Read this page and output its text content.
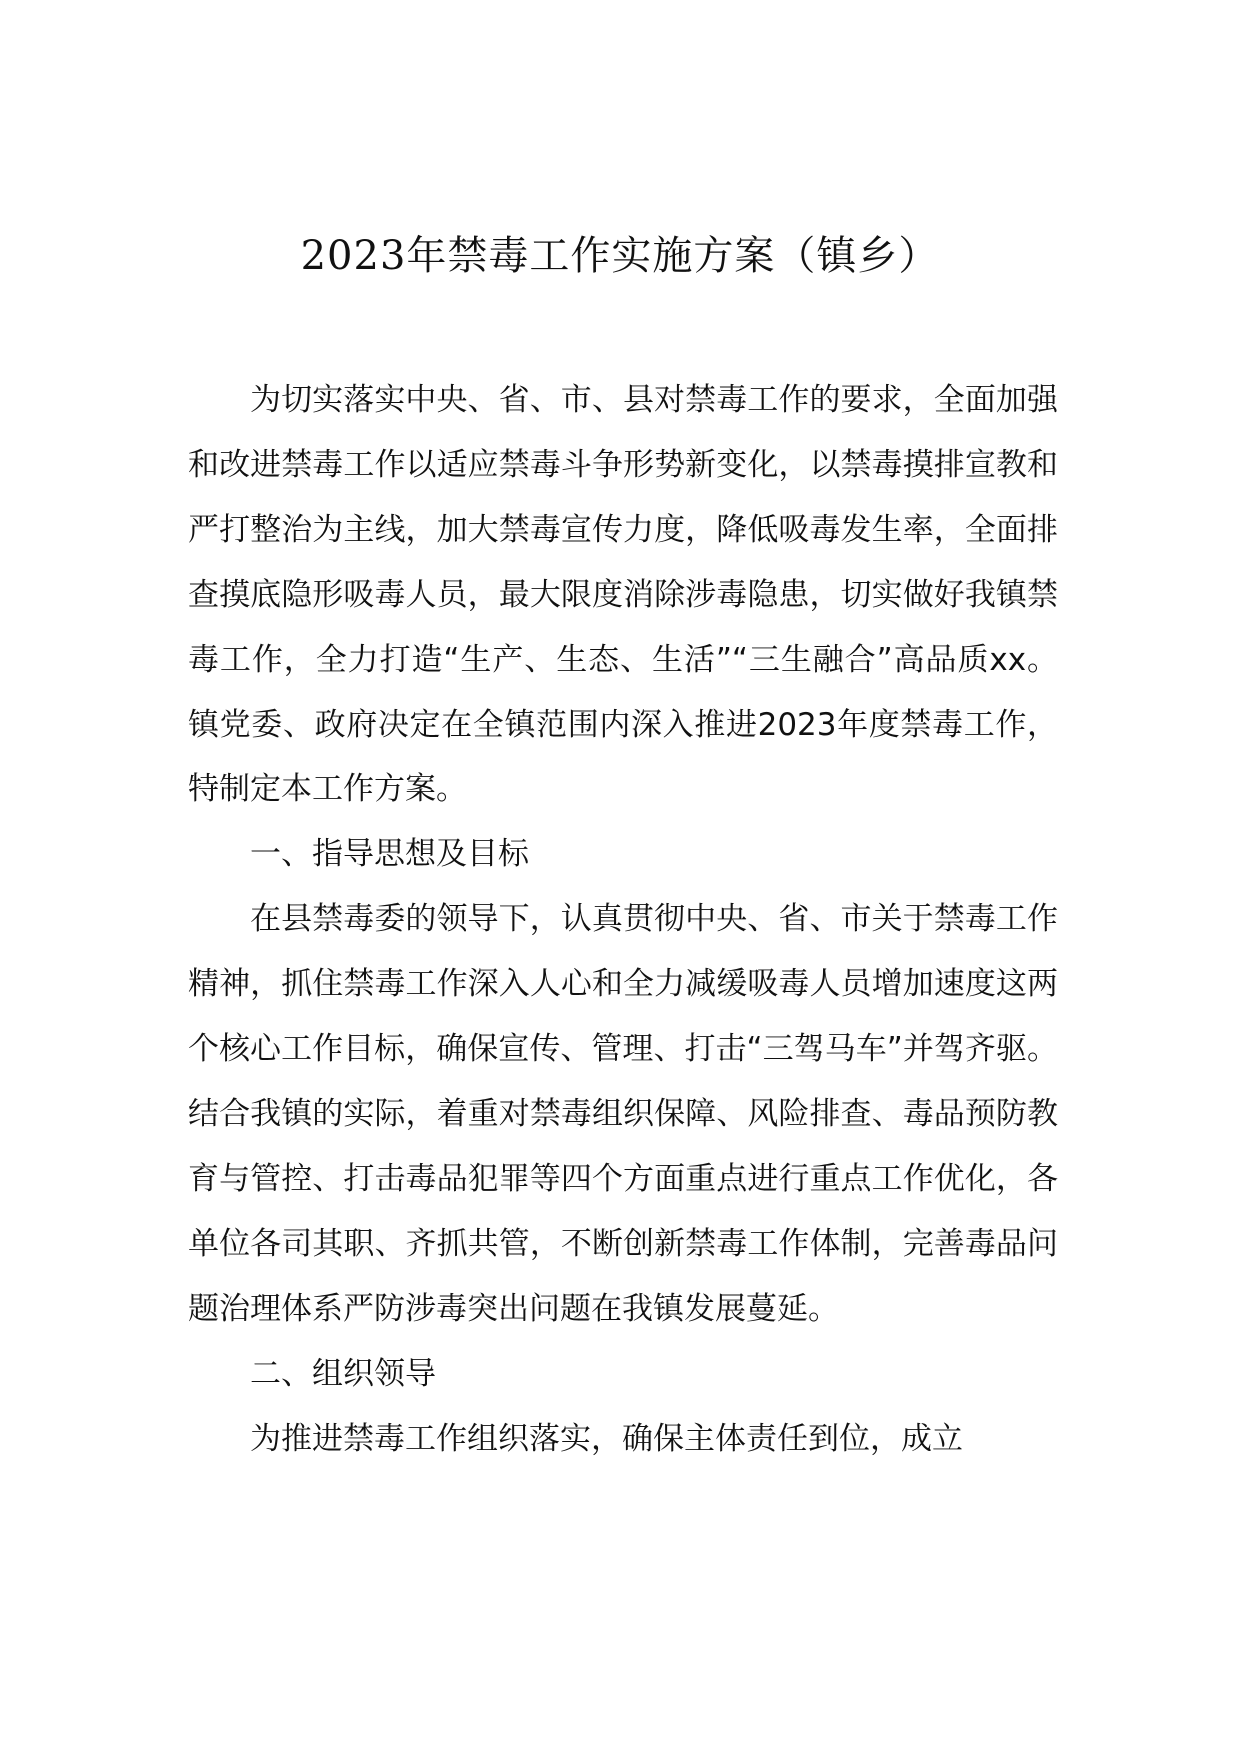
2023年禁毒工作实施方案（镇乡）

为切实落实中央、省、市、县对禁毒工作的要求，全面加强和改进禁毒工作以适应禁毒斗争形势新变化，以禁毒摸排宣教和严打整治为主线，加大禁毒宣传力度，降低吸毒发生率，全面排查摸底隐形吸毒人员，最大限度消除涉毒隐患，切实做好我镇禁毒工作，全力打造“生产、生态、生活”“三生融合”高品质xx。镇党委、政府决定在全镇范围内深入推进2023年度禁毒工作，特制定本工作方案。

一、指导思想及目标

在县禁毒委的领导下，认真贯彻中央、省、市关于禁毒工作精神，抓住禁毒工作深入人心和全力减缓吸毒人员增加速度这两个核心工作目标，确保宣传、管理、打击“三驾马车”并驾齐驱。结合我镇的实际，着重对禁毒组织保障、风险排查、毒品预防教育与管控、打击毒品犯罪等四个方面重点进行重点工作优化，各单位各司其职、齐抓共管，不断创新禁毒工作体制，完善毒品问题治理体系严防涉毒突出问题在我镇发展蔓延。

二、组织领导

为推进禁毒工作组织落实，确保主体责任到位，成立
